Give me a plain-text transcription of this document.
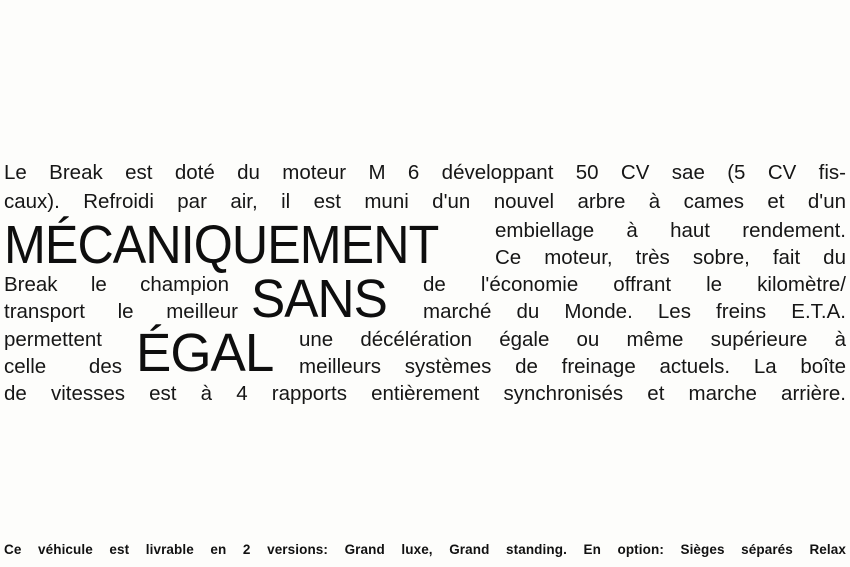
Le Break est doté du moteur M 6 développant 50 CV sae (5 CV fis-
caux). Refroidi par air, il est muni d'un nouvel arbre à cames et d'un
MÉCANIQUEMENT	embiellage à haut rendement.
Ce moteur, très sobre, fait du
Break le champion SANS de l'économie offrant le kilomètre/
transport le meilleur	marché du Monde. Les freins E.T.A.
permettent ÉGAL une décélération égale ou même supérieure à
celle des	meilleurs systèmes de freinage actuels. La boîte
de vitesses est à 4 rapports entièrement synchronisés et marche arrière.
Ce véhicule est livrable en 2 versions: Grand luxe, Grand standing. En option: Sièges séparés Relax
